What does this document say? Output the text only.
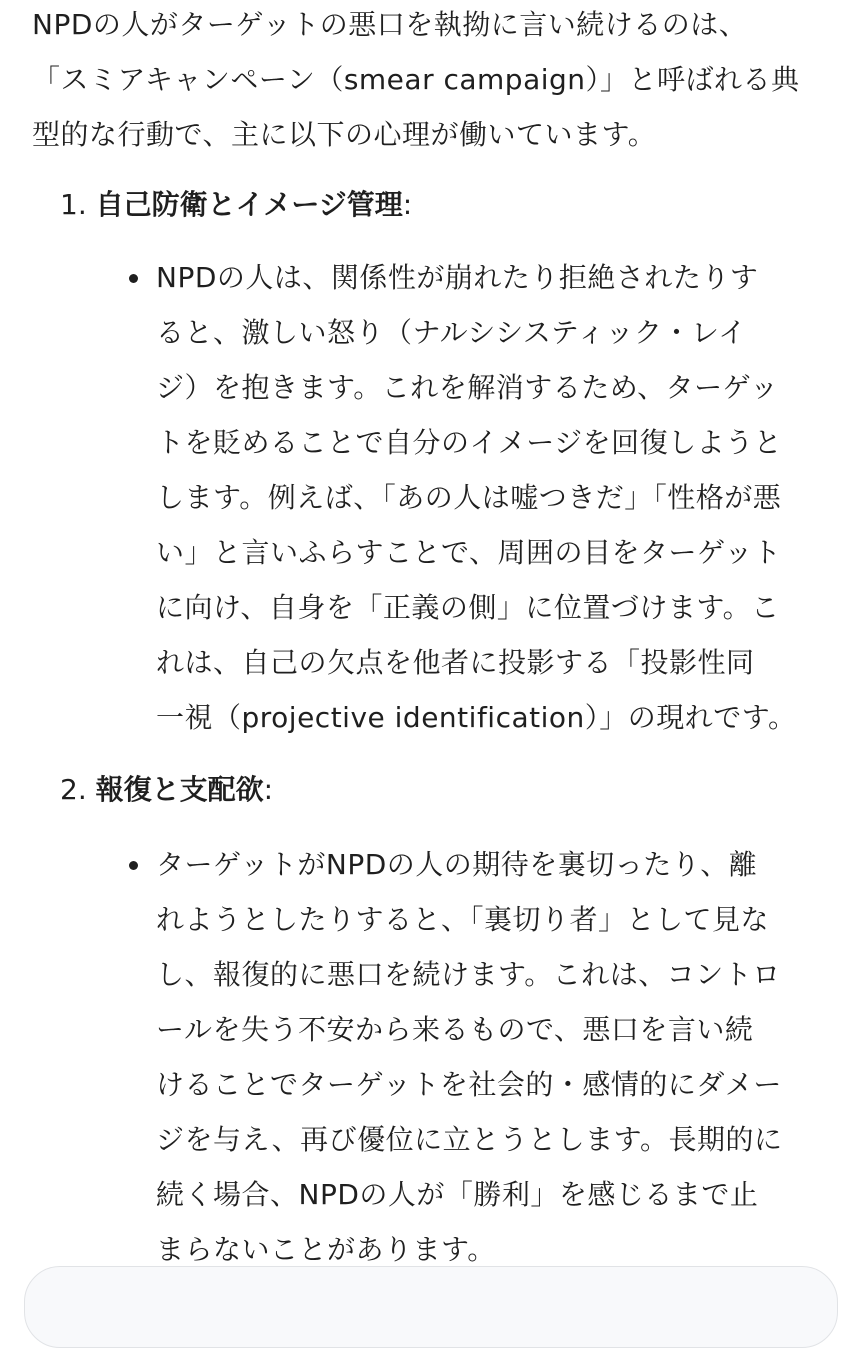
NPDの人がターゲットの悪口を執拗に言い続けるのは、
「スミアキャンペーン（smear campaign）」と呼ばれる典
型的な行動で、主に以下の心理が働いています。
1. 自己防衛とイメージ管理:
NPDの人は、関係性が崩れたり拒絶されたりす
ると、激しい怒り（ナルシシスティック・レイ
ジ）を抱きます。これを解消するため、ターゲッ
トを貶めることで自分のイメージを回復しようと
します。例えば、「あの人は嘘つきだ」「性格が悪
い」と言いふらすことで、周囲の目をターゲット
に向け、自身を「正義の側」に位置づけます。こ
れは、自己の欠点を他者に投影する「投影性同
一視（projective identification）」の現れです。
2. 報復と支配欲:
ターゲットがNPDの人の期待を裏切ったり、離
れようとしたりすると、「裏切り者」として見な
し、報復的に悪口を続けます。これは、コントロ
ールを失う不安から来るもので、悪口を言い続
けることでターゲットを社会的・感情的にダメー
ジを与え、再び優位に立とうとします。長期的に
続く場合、NPDの人が「勝利」を感じるまで止
まらないことがあります。
